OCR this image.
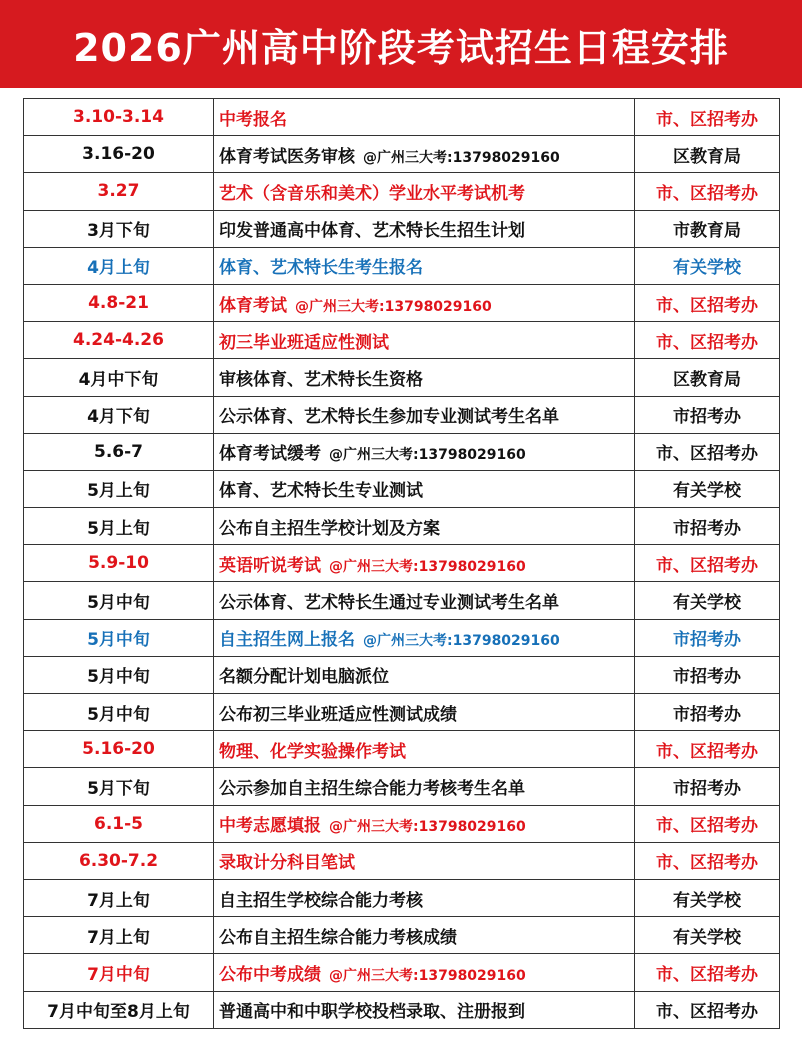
2026广州高中阶段考试招生日程安排
3.10-3.14	中考报名	市、区招考办
3.16-20	体育考试医务审核 @广州三大考:13798029160	区教育局
3.27	艺术（含音乐和美术）学业水平考试机考	市、区招考办
3月下旬	印发普通高中体育、艺术特长生招生计划	市教育局
4月上旬	体育、艺术特长生考生报名	有关学校
4.8-21	体育考试 @广州三大考:13798029160	市、区招考办
4.24-4.26	初三毕业班适应性测试	市、区招考办
4月中下旬	审核体育、艺术特长生资格	区教育局
4月下旬	公示体育、艺术特长生参加专业测试考生名单	市招考办
5.6-7	体育考试缓考 @广州三大考:13798029160	市、区招考办
5月上旬	体育、艺术特长生专业测试	有关学校
5月上旬	公布自主招生学校计划及方案	市招考办
5.9-10	英语听说考试 @广州三大考:13798029160	市、区招考办
5月中旬	公示体育、艺术特长生通过专业测试考生名单	有关学校
5月中旬	自主招生网上报名 @广州三大考:13798029160	市招考办
5月中旬	名额分配计划电脑派位	市招考办
5月中旬	公布初三毕业班适应性测试成绩	市招考办
5.16-20	物理、化学实验操作考试	市、区招考办
5月下旬	公示参加自主招生综合能力考核考生名单	市招考办
6.1-5	中考志愿填报 @广州三大考:13798029160	市、区招考办
6.30-7.2	录取计分科目笔试	市、区招考办
7月上旬	自主招生学校综合能力考核	有关学校
7月上旬	公布自主招生综合能力考核成绩	有关学校
7月中旬	公布中考成绩 @广州三大考:13798029160	市、区招考办
7月中旬至8月上旬	普通高中和中职学校投档录取、注册报到	市、区招考办
